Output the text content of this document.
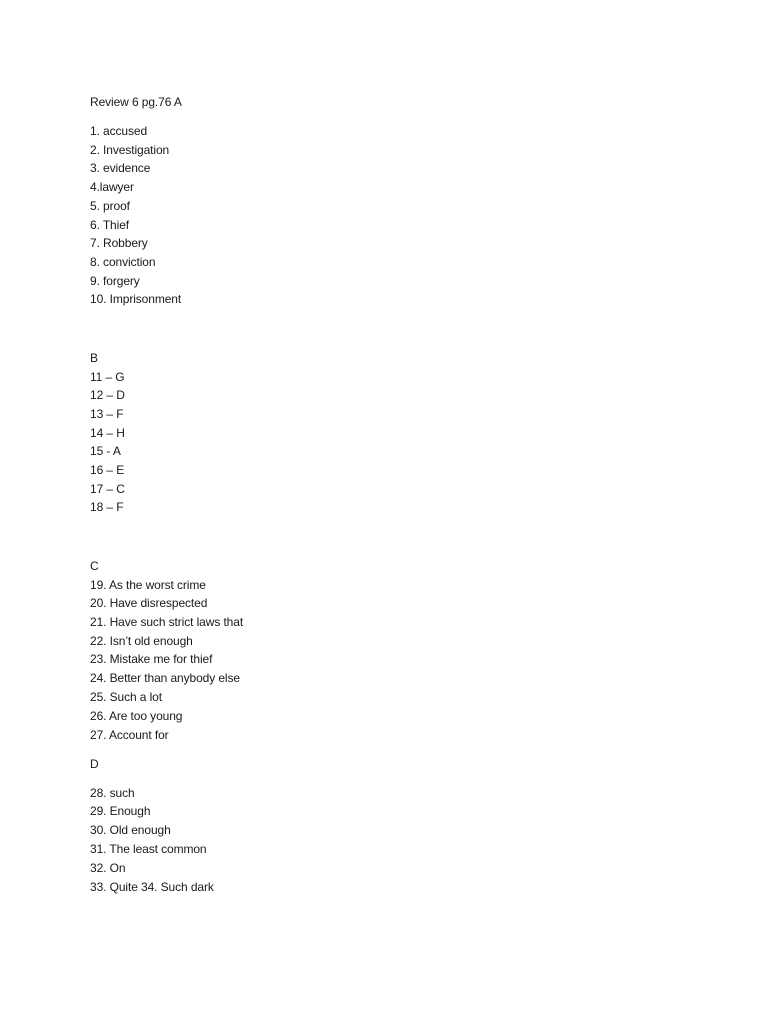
Review 6 pg.76 A
1. accused
2. Investigation
3. evidence
4.lawyer
5. proof
6. Thief
7. Robbery
8. conviction
9. forgery
10. Imprisonment
B
11 – G
12 – D
13 – F
14 – H
15 - A
16 – E
17 – C
18 – F
C
19. As the worst crime
20. Have disrespected
21. Have such strict laws that
22. Isn’t old enough
23. Mistake me for thief
24. Better than anybody else
25. Such a lot
26. Are too young
27. Account for
D
28. such
29. Enough
30. Old enough
31. The least common
32. On
33. Quite 34. Such dark
